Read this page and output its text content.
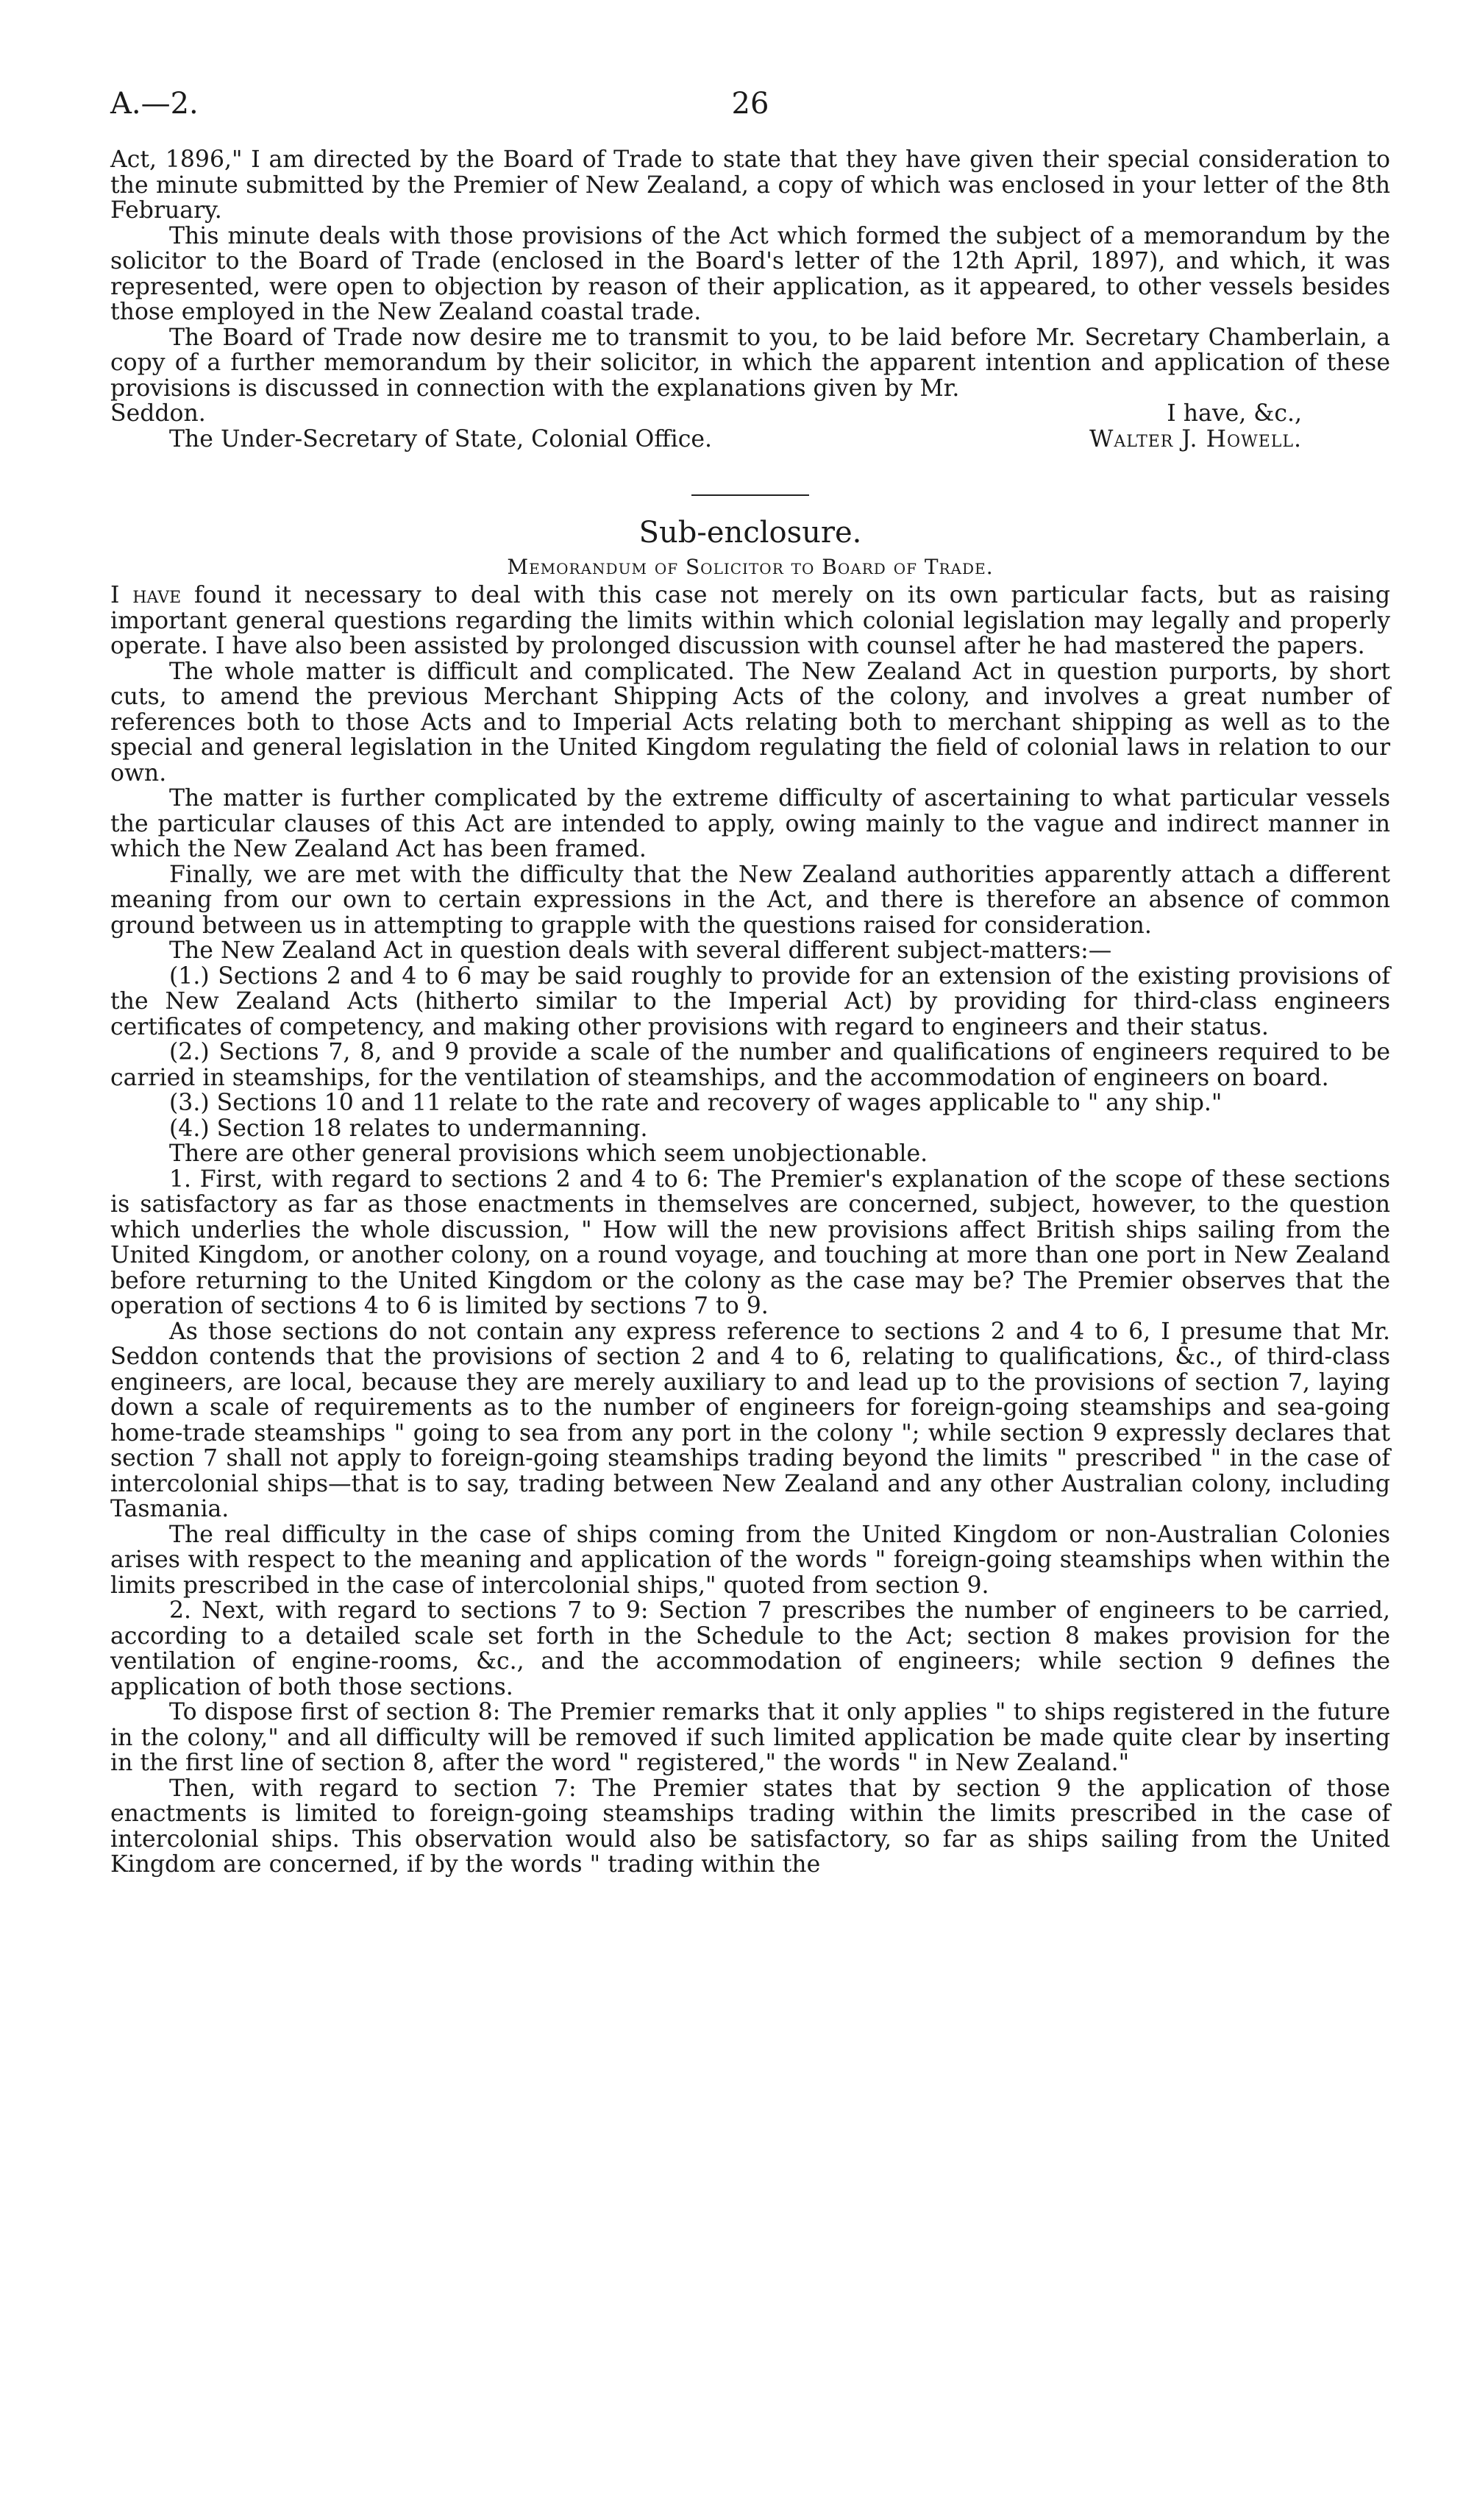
A.—2.	26

Act, 1896," I am directed by the Board of Trade to state that they have given their special consideration to the minute submitted by the Premier of New Zealand, a copy of which was enclosed in your letter of the 8th February.

This minute deals with those provisions of the Act which formed the subject of a memorandum by the solicitor to the Board of Trade (enclosed in the Board's letter of the 12th April, 1897), and which, it was represented, were open to objection by reason of their application, as it appeared, to other vessels besides those employed in the New Zealand coastal trade.

The Board of Trade now desire me to transmit to you, to be laid before Mr. Secretary Chamberlain, a copy of a further memorandum by their solicitor, in which the apparent intention and application of these provisions is discussed in connection with the explanations given by Mr.

Seddon.	I have, &c.,
The Under-Secretary of State, Colonial Office.	Walter J. Howell.
Sub-enclosure.
Memorandum of Solicitor to Board of Trade.

I have found it necessary to deal with this case not merely on its own particular facts, but as raising important general questions regarding the limits within which colonial legislation may legally and properly operate. I have also been assisted by prolonged discussion with counsel after he had mastered the papers.

The whole matter is difficult and complicated. The New Zealand Act in question purports, by short cuts, to amend the previous Merchant Shipping Acts of the colony, and involves a great number of references both to those Acts and to Imperial Acts relating both to merchant shipping as well as to the special and general legislation in the United Kingdom regulating the field of colonial laws in relation to our own.

The matter is further complicated by the extreme difficulty of ascertaining to what particular vessels the particular clauses of this Act are intended to apply, owing mainly to the vague and indirect manner in which the New Zealand Act has been framed.

Finally, we are met with the difficulty that the New Zealand authorities apparently attach a different meaning from our own to certain expressions in the Act, and there is therefore an absence of common ground between us in attempting to grapple with the questions raised for consideration.

The New Zealand Act in question deals with several different subject-matters:—

(1.) Sections 2 and 4 to 6 may be said roughly to provide for an extension of the existing provisions of the New Zealand Acts (hitherto similar to the Imperial Act) by providing for third-class engineers certificates of competency, and making other provisions with regard to engineers and their status.

(2.) Sections 7, 8, and 9 provide a scale of the number and qualifications of engineers required to be carried in steamships, for the ventilation of steamships, and the accommodation of engineers on board.

(3.) Sections 10 and 11 relate to the rate and recovery of wages applicable to " any ship."

(4.) Section 18 relates to undermanning.

There are other general provisions which seem unobjectionable.

1. First, with regard to sections 2 and 4 to 6: The Premier's explanation of the scope of these sections is satisfactory as far as those enactments in themselves are concerned, subject, however, to the question which underlies the whole discussion, " How will the new provisions affect British ships sailing from the United Kingdom, or another colony, on a round voyage, and touching at more than one port in New Zealand before returning to the United Kingdom or the colony as the case may be? The Premier observes that the operation of sections 4 to 6 is limited by sections 7 to 9.

As those sections do not contain any express reference to sections 2 and 4 to 6, I presume that Mr. Seddon contends that the provisions of section 2 and 4 to 6, relating to qualifications, &c., of third-class engineers, are local, because they are merely auxiliary to and lead up to the provisions of section 7, laying down a scale of requirements as to the number of engineers for foreign-going steamships and sea-going home-trade steamships " going to sea from any port in the colony "; while section 9 expressly declares that section 7 shall not apply to foreign-going steamships trading beyond the limits " prescribed " in the case of intercolonial ships—that is to say, trading between New Zealand and any other Australian colony, including Tasmania.

The real difficulty in the case of ships coming from the United Kingdom or non-Australian Colonies arises with respect to the meaning and application of the words " foreign-going steamships when within the limits prescribed in the case of intercolonial ships," quoted from section 9.

2. Next, with regard to sections 7 to 9: Section 7 prescribes the number of engineers to be carried, according to a detailed scale set forth in the Schedule to the Act; section 8 makes provision for the ventilation of engine-rooms, &c., and the accommodation of engineers; while section 9 defines the application of both those sections.

To dispose first of section 8: The Premier remarks that it only applies " to ships registered in the future in the colony," and all difficulty will be removed if such limited application be made quite clear by inserting in the first line of section 8, after the word " registered," the words " in New Zealand."

Then, with regard to section 7: The Premier states that by section 9 the application of those enactments is limited to foreign-going steamships trading within the limits prescribed in the case of intercolonial ships. This observation would also be satisfactory, so far as ships sailing from the United Kingdom are concerned, if by the words " trading within the
